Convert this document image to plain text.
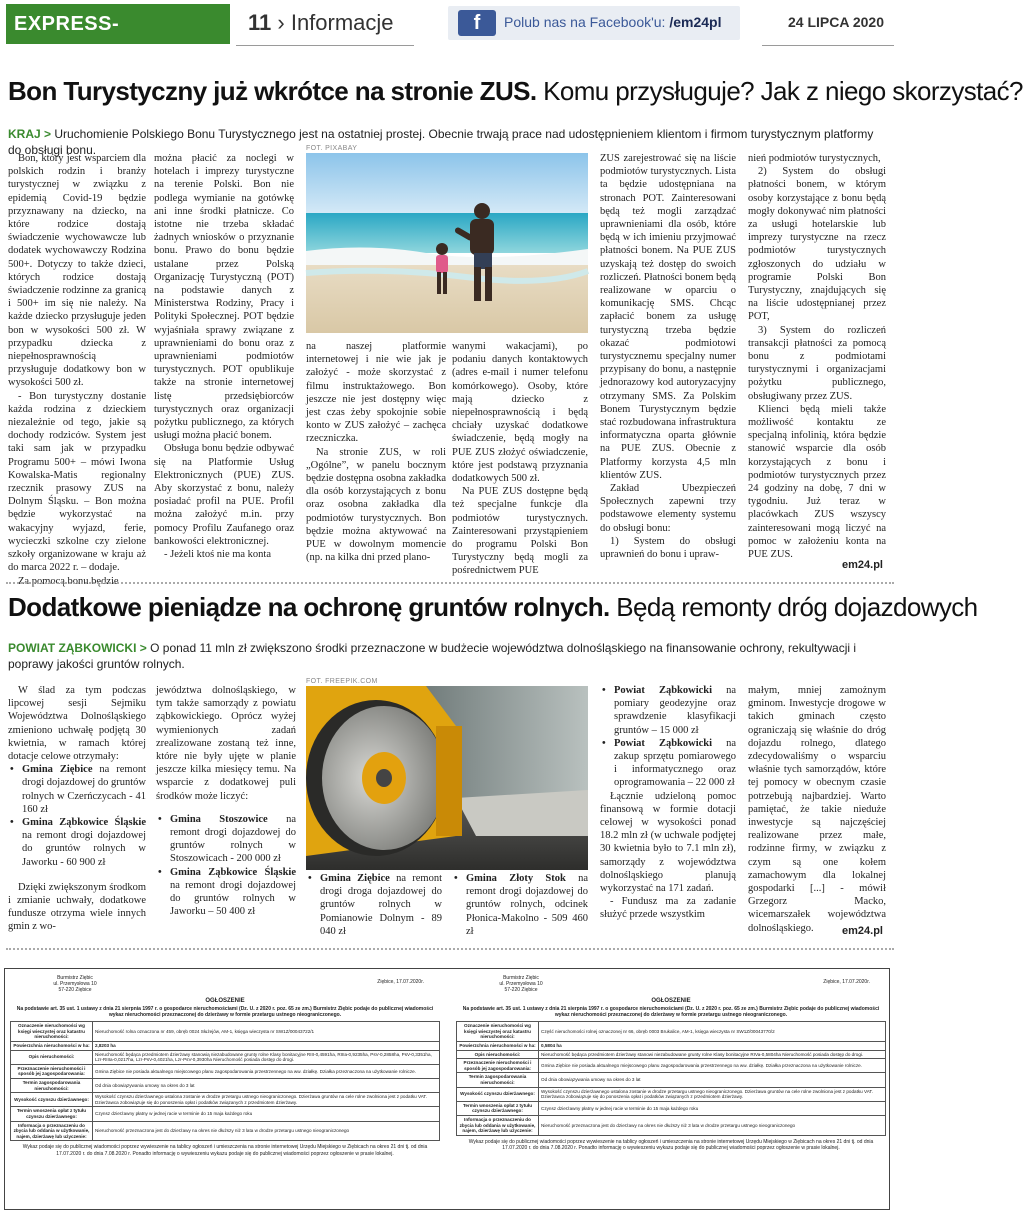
EXPRESS-MIEJSKI.PL
11 › Informacje	f	Polub nas na Facebook'u: /em24pl	24 LIPCA 2020
Bon Turystyczny już wkrótce na stronie ZUS. Komu przysługuje? Jak z niego skorzystać?
KRAJ > Uruchomienie Polskiego Bonu Turystycznego jest na ostatniej prostej. Obecnie trwają prace nad udostępnieniem klientom i firmom turystycznym platformy do obsługi bonu.

Bon, który jest wsparciem dla polskich rodzin i branży turystycznej w związku z epidemią Covid-19 będzie przyznawany na dziecko, na które rodzice dostają świadczenie wychowawcze lub dodatek wychowawczy Rodzina 500+. Dotyczy to także dzieci, których rodzice dostają świadczenie rodzinne za granicą i 500+ im się nie należy. Na każde dziecko przysługuje jeden bon w wysokości 500 zł. W przypadku dziecka z niepełnosprawnością przysługuje dodatkowy bon w wysokości 500 zł.

- Bon turystyczny dostanie każda rodzina z dzieckiem niezależnie od tego, jakie są dochody rodziców. System jest taki sam jak w przypadku Programu 500+ – mówi Iwona Kowalska-Matis regionalny rzecznik prasowy ZUS na Dolnym Śląsku. – Bon można będzie wykorzystać na wakacyjny wyjazd, ferie, wycieczki szkolne czy zielone szkoły organizowane w kraju aż do marca 2022 r. – dodaje.

Za pomocą bonu będzie

można płacić za noclegi w hotelach i imprezy turystyczne na terenie Polski. Bon nie podlega wymianie na gotówkę ani inne środki płatnicze. Co istotne nie trzeba składać żadnych wniosków o przyznanie bonu. Prawo do bonu będzie ustalane przez Polską Organizację Turystyczną (POT) na podstawie danych z Ministerstwa Rodziny, Pracy i Polityki Społecznej. POT będzie wyjaśniała sprawy związane z uprawnieniami do bonu oraz z uprawnieniami podmiotów turystycznych. POT opublikuje także na stronie internetowej listę przedsiębiorców turystycznych oraz organizacji pożytku publicznego, za których usługi można płacić bonem.

Obsługa bonu będzie odbywać się na Platformie Usług Elektronicznych (PUE) ZUS. Aby skorzystać z bonu, należy posiadać profil na PUE. Profil można założyć m.in. przy pomocy Profilu Zaufanego oraz bankowości elektronicznej.

- Jeżeli ktoś nie ma konta

FOT. PIXABAY

na naszej platformie internetowej i nie wie jak je założyć - może skorzystać z filmu instruktażowego. Bon jeszcze nie jest dostępny więc jest czas żeby spokojnie sobie konto w ZUS założyć – zachęca rzeczniczka.

Na stronie ZUS, w roli „Ogólne”, w panelu bocznym będzie dostępna osobna zakładka dla osób korzystających z bonu oraz osobna zakładka dla podmiotów turystycznych. Bon będzie można aktywować na PUE w dowolnym momencie (np. na kilka dni przed plano-

wanymi wakacjami), po podaniu danych kontaktowych (adres e-mail i numer telefonu komórkowego). Osoby, które mają dziecko z niepełnosprawnością i będą chciały uzyskać dodatkowe świadczenie, będą mogły na PUE ZUS złożyć oświadczenie, które jest podstawą przyznania dodatkowych 500 zł.

Na PUE ZUS dostępne będą też specjalne funkcje dla podmiotów turystycznych. Zainteresowani przystąpieniem do programu Polski Bon Turystyczny będą mogli za pośrednictwem PUE

ZUS zarejestrować się na liście podmiotów turystycznych. Lista ta będzie udostępniana na stronach POT. Zainteresowani będą też mogli zarządzać uprawnieniami dla osób, które będą w ich imieniu przyjmować płatności bonem. Na PUE ZUS uzyskają też dostęp do swoich rozliczeń. Płatności bonem będą realizowane w oparciu o komunikację SMS. Chcąc zapłacić bonem za usługę turystyczną trzeba będzie okazać podmiotowi turystycznemu specjalny numer przypisany do bonu, a następnie jednorazowy kod autoryzacyjny otrzymany SMS. Za Polskim Bonem Turystycznym będzie stać rozbudowana infrastruktura informatyczna oparta głównie na PUE ZUS. Obecnie z Platformy korzysta 4,5 mln klientów ZUS.

Zakład Ubezpieczeń Społecznych zapewni trzy podstawowe elementy systemu do obsługi bonu:

1) System do obsługi uprawnień do bonu i upraw-

nień podmiotów turystycznych,

2) System do obsługi płatności bonem, w którym osoby korzystające z bonu będą mogły dokonywać nim płatności za usługi hotelarskie lub imprezy turystyczne na rzecz podmiotów turystycznych zgłoszonych do udziału w programie Polski Bon Turystyczny, znajdujących się na liście udostępnianej przez POT,

3) System do rozliczeń transakcji płatności za pomocą bonu z podmiotami turystycznymi i organizacjami pożytku publicznego, obsługiwany przez ZUS.

Klienci będą mieli także możliwość kontaktu ze specjalną infolinią, która będzie stanowić wsparcie dla osób korzystających z bonu i podmiotów turystycznych przez 24 godziny na dobę, 7 dni w tygodniu. Już teraz w placówkach ZUS wszyscy zainteresowani mogą liczyć na pomoc w założeniu konta na PUE ZUS.

em24.pl
Dodatkowe pieniądze na ochronę gruntów rolnych. Będą remonty dróg dojazdowych
POWIAT ZĄBKOWICKI > O ponad 11 mln zł zwiększono środki przeznaczone w budżecie województwa dolnośląskiego na finansowanie ochrony, rekultywacji i poprawy jakości gruntów rolnych.

W ślad za tym podczas lipcowej sesji Sejmiku Województwa Dolnośląskiego zmieniono uchwałę podjętą 30 kwietnia, w ramach której dotacje celowe otrzymały:

• Gmina Ziębice na remont drogi dojazdowej do gruntów rolnych w Czerńczycach - 41 160 zł
• Gmina Ząbkowice Śląskie na remont drogi dojazdowej do gruntów rolnych w Jaworku - 60 900 zł

Dzięki zwiększonym środkom i zmianie uchwały, dodatkowe fundusze otrzyma wiele innych gmin z wo-

jewództwa dolnośląskiego, w tym także samorządy z powiatu ząbkowickiego. Oprócz wyżej wymienionych zadań zrealizowane zostaną też inne, które nie były ujęte w planie jeszcze kilka miesięcy temu. Na wsparcie z dodatkowej puli środków może liczyć:

• Gmina Stoszowice na remont drogi dojazdowej do gruntów rolnych w Stoszowicach - 200 000 zł
• Gmina Ząbkowice Śląskie na remont drogi dojazdowej do gruntów rolnych w Jaworku – 50 400 zł
FOT. FREEPIK.COM
• Gmina Ziębice na remont drogi droga dojazdowej do gruntów rolnych w Pomianowie Dolnym - 89 040 zł
• Gmina Złoty Stok na remont drogi dojazdowej do gruntów rolnych, odcinek Płonica-Makolno - 509 460 zł
• Powiat Ząbkowicki na pomiary geodezyjne oraz sprawdzenie klasyfikacji gruntów – 15 000 zł
• Powiat Ząbkowicki na zakup sprzętu pomiarowego i informatycznego oraz oprogramowania – 22 000 zł

Łącznie udzieloną pomoc finansową w formie dotacji celowej w wysokości ponad 18.2 mln zł (w uchwale podjętej 30 kwietnia było to 7.1 mln zł), samorządy z województwa dolnośląskiego planują wykorzystać na 171 zadań.

- Fundusz ma za zadanie służyć przede wszystkim

małym, mniej zamożnym gminom. Inwestycje drogowe w takich gminach często ograniczają się właśnie do dróg dojazdu rolnego, dlatego zdecydowaliśmy o wsparciu właśnie tych samorządów, które tej pomocy w obecnym czasie potrzebują najbardziej. Warto pamiętać, że takie nieduże inwestycje są najczęściej realizowane przez małe, rodzinne firmy, w związku z czym są one kołem zamachowym dla lokalnej gospodarki [...] - mówił Grzegorz Macko, wicemarszałek województwa dolnośląskiego.	em24.pl
Burmistrz Ziębic
ul. Przemysłowa 10
57-220 Ziębice
Ziębice, 17.07.2020r.
OGŁOSZENIE
Na podstawie art. 35 ust. 1 ustawy z dnia 21 sierpnia 1997 r. o gospodarce nieruchomościami (Dz. U. z 2020 r. poz. 65 ze zm.) Burmistrz Ziębic podaje do publicznej wiadomości wykaz nieruchomości przeznaczonej do dzierżawy w formie przetargu ustnego nieograniczonego.
Oznaczenie nieruchomości wg księgi wieczystej oraz katastru nieruchomości:	Nieruchomość rolna oznaczona nr 459, obręb 0024 Służejów, AM-1, księga wieczysta nr SW1Z/00043722/1
Powierzchnia nieruchomości w ha:	2,8203 ha
Opis nieruchomości:	Nieruchomość będąca przedmiotem dzierżawy stanowią niezabudowane grunty rolne Klasy bonitacyjne RIII-0,4591ha, RIIIa-0,9235ha, PsV-0,2858ha, PsV-0,3351ha, Lzr-RIIIa-0,0217ha, Lzr-PsV-0,4021ha, Lzr-PsV-0,3930ha Nieruchomość posiada dostęp do drogi.
Przeznaczenie nieruchomości i sposób jej zagospodarowania:	Gmina Ziębice nie posiada aktualnego miejscowego planu zagospodarowania przestrzennego na ww. działkę. Działka przeznaczona na użytkowanie rolnicze.
Termin zagospodarowania nieruchomości:	Od dnia obowiązywania umowy na okres do 3 lat
Wysokość czynszu dzierżawnego:	Wysokość czynszu dzierżawnego ustalona zostanie w drodze przetargu ustnego nieograniczonego. Dzierżawa gruntów na cele rolne zwolniona jest z podatku VAT. Dzierżawca zobowiązuje się do ponoszenia opłat i podatków związanych z przedmiotem dzierżawy.
Termin wnoszenia opłat z tytułu czynszu dzierżawnego:	Czynsz dzierżawny płatny w jednej racie w terminie do 15 maja każdego roku
Informacja o przeznaczeniu do zbycia lub oddania w użytkowanie, najem, dzierżawę lub użyczenie:	Nieruchomość przeznaczona jest do dzierżawy na okres nie dłuższy niż 3 lata w drodze przetargu ustnego nieograniczonego
Wykaz podaje się do publicznej wiadomości poprzez wywieszenie na tablicy ogłoszeń i umieszczenia na stronie internetowej Urzędu Miejskiego w Ziębicach na okres 21 dni tj. od dnia 17.07.2020 r. do dnia 7.08.2020 r. Ponadto informację o wywieszeniu wykazu podaje się do publicznej wiadomości poprzez ogłoszenie w prasie lokalnej.
Burmistrz Ziębic
ul. Przemysłowa 10
57-220 Ziębice
Ziębice, 17.07.2020r.
OGŁOSZENIE
Na podstawie art. 35 ust. 1 ustawy z dnia 21 sierpnia 1997 r. o gospodarce nieruchomościami (Dz. U. z 2020 r. poz. 65 ze zm.) Burmistrz Ziębic podaje do publicznej wiadomości wykaz nieruchomości przeznaczonej do dzierżawy w formie przetargu ustnego nieograniczonego.
Oznaczenie nieruchomości wg księgi wieczystej oraz katastru nieruchomości:	Część nieruchomości rolnej oznaczonej nr 66, obręb 0003 Brukalice, AM-1, księga wieczysta nr SW1Z/00043770/2
Powierzchnia nieruchomości w ha:	0,5804 ha
Opis nieruchomości:	Nieruchomość będąca przedmiotem dzierżawy stanowi niezabudowane grunty rolne Klasy bonitacyjne RIVa-0,5804ha Nieruchomość posiada dostęp do drogi.
Przeznaczenie nieruchomości i sposób jej zagospodarowania:	Gmina Ziębice nie posiada aktualnego miejscowego planu zagospodarowania przestrzennego na ww. działkę. Działka przeznaczona na użytkowanie rolnicze.
Termin zagospodarowania nieruchomości:	Od dnia obowiązywania umowy na okres do 3 lat
Wysokość czynszu dzierżawnego:	Wysokość czynszu dzierżawnego ustalona zostanie w drodze przetargu ustnego nieograniczonego. Dzierżawa gruntów na cele rolne zwolniona jest z podatku VAT. Dzierżawca zobowiązuje się do ponoszenia opłat i podatków związanych z przedmiotem dzierżawy.
Termin wnoszenia opłat z tytułu czynszu dzierżawnego:	Czynsz dzierżawny płatny w jednej racie w terminie do 15 maja każdego roku
Informacja o przeznaczeniu do zbycia lub oddania w użytkowanie, najem, dzierżawę lub użyczenie:	Nieruchomość przeznaczona jest do dzierżawy na okres nie dłuższy niż 3 lata w drodze przetargu ustnego nieograniczonego
Wykaz podaje się do publicznej wiadomości poprzez wywieszenie na tablicy ogłoszeń i umieszczenia na stronie internetowej Urzędu Miejskiego w Ziębicach na okres 21 dni tj. od dnia 17.07.2020 r. do dnia 7.08.2020 r. Ponadto informację o wywieszeniu wykazu podaje się do publicznej wiadomości poprzez ogłoszenie w prasie lokalnej.
